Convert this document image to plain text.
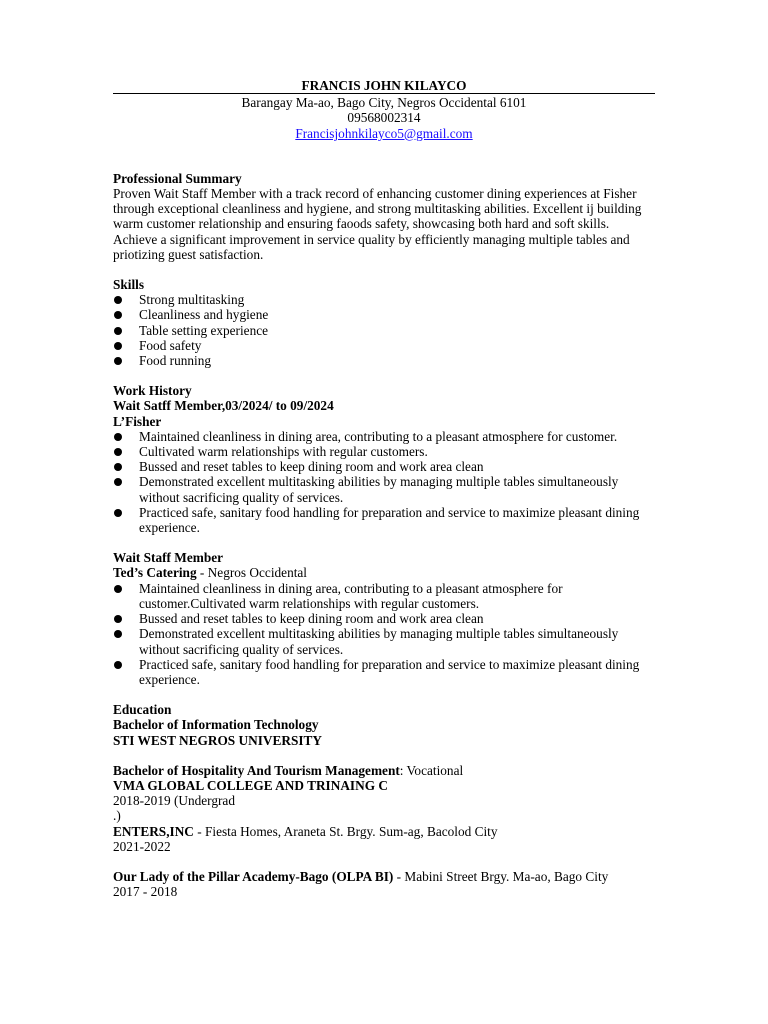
FRANCIS JOHN KILAYCO
Barangay Ma-ao, Bago City, Negros Occidental 6101
09568002314
Francisjohnkilayco5@gmail.com
Professional Summary
Proven Wait Staff Member with a track record of enhancing customer dining experiences at Fisher through exceptional cleanliness and hygiene, and strong multitasking abilities. Excellent ij building warm customer relationship and ensuring faoods safety, showcasing both hard and soft skills. Achieve a significant improvement in service quality by efficiently managing multiple tables and priotizing guest satisfaction.
Skills
Strong multitasking
Cleanliness and hygiene
Table setting experience
Food safety
Food running
Work History
Wait Satff Member,03/2024/ to 09/2024
L’Fisher
Maintained cleanliness in dining area, contributing to a pleasant atmosphere for customer.
Cultivated warm relationships with regular customers.
Bussed and reset tables to keep dining room and work area clean
Demonstrated excellent multitasking abilities by managing multiple tables simultaneously without sacrificing quality of services.
Practiced safe, sanitary food handling for preparation and service to maximize pleasant dining experience.
Wait Staff Member
Ted’s Catering - Negros Occidental
Maintained cleanliness in dining area, contributing to a pleasant atmosphere for customer.Cultivated warm relationships with regular customers.
Bussed and reset tables to keep dining room and work area clean
Demonstrated excellent multitasking abilities by managing multiple tables simultaneously without sacrificing quality of services.
Practiced safe, sanitary food handling for preparation and service to maximize pleasant dining experience.
Education
Bachelor of Information Technology
STI WEST NEGROS UNIVERSITY
Bachelor of Hospitality And Tourism Management: Vocational
VMA GLOBAL COLLEGE AND TRINAING C
2018-2019 (Undergrad
.)
ENTERS,INC - Fiesta Homes, Araneta St. Brgy. Sum-ag, Bacolod City
2021-2022
Our Lady of the Pillar Academy-Bago (OLPA BI) - Mabini Street Brgy. Ma-ao, Bago City
2017 - 2018
